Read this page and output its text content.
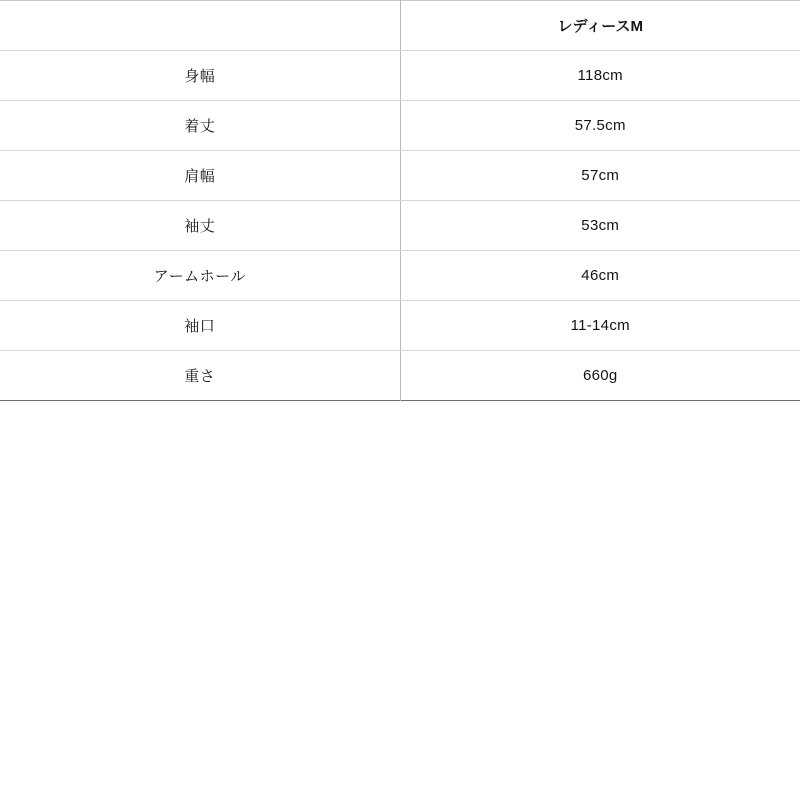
	レディースM
身幅	118cm
着丈	57.5cm
肩幅	57cm
袖丈	53cm
アームホール	46cm
袖口	11-14cm
重さ	660g
